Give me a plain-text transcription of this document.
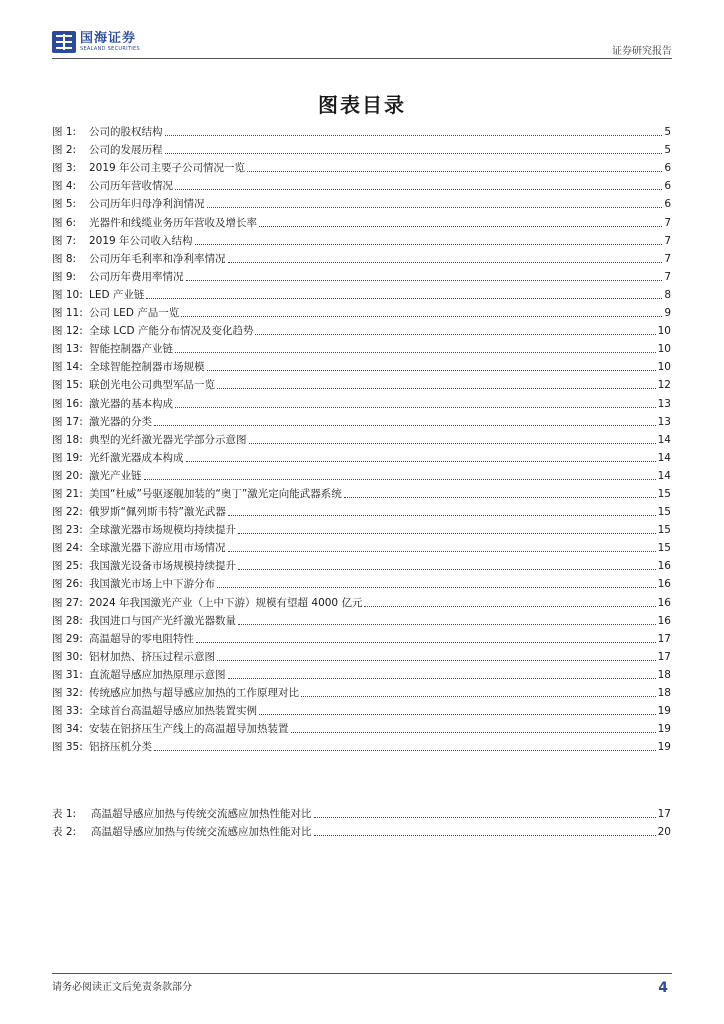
国海证券
SEALAND SECURITIES	证券研究报告
图表目录
图 1:	公司的股权结构	5
图 2:	公司的发展历程	5
图 3:	2019 年公司主要子公司情况一览	6
图 4:	公司历年营收情况	6
图 5:	公司历年归母净利润情况	6
图 6:	光器件和线缆业务历年营收及增长率	7
图 7:	2019 年公司收入结构	7
图 8:	公司历年毛利率和净利率情况	7
图 9:	公司历年费用率情况	7
图 10: LED 产业链	8
图 11: 公司 LED 产品一览	9
图 12: 全球 LCD 产能分布情况及变化趋势	10
图 13: 智能控制器产业链	10
图 14: 全球智能控制器市场规模	10
图 15: 联创光电公司典型军品一览	12
图 16: 激光器的基本构成	13
图 17: 激光器的分类	13
图 18: 典型的光纤激光器光学部分示意图	14
图 19: 光纤激光器成本构成	14
图 20: 激光产业链	14
图 21: 美国“杜威”号驱逐舰加装的“奥丁”激光定向能武器系统	15
图 22: 俄罗斯“佩列斯韦特”激光武器	15
图 23: 全球激光器市场规模均持续提升	15
图 24: 全球激光器下游应用市场情况	15
图 25: 我国激光设备市场规模持续提升	16
图 26: 我国激光市场上中下游分布	16
图 27: 2024 年我国激光产业（上中下游）规模有望超 4000 亿元	16
图 28: 我国进口与国产光纤激光器数量	16
图 29: 高温超导的零电阻特性	17
图 30: 铝材加热、挤压过程示意图	17
图 31: 直流超导感应加热原理示意图	18
图 32: 传统感应加热与超导感应加热的工作原理对比	18
图 33: 全球首台高温超导感应加热装置实例	19
图 34: 安装在铝挤压生产线上的高温超导加热装置	19
图 35: 铝挤压机分类	19
表 1:	高温超导感应加热与传统交流感应加热性能对比	17
表 2:	高温超导感应加热与传统交流感应加热性能对比	20
请务必阅读正文后免责条款部分	4
